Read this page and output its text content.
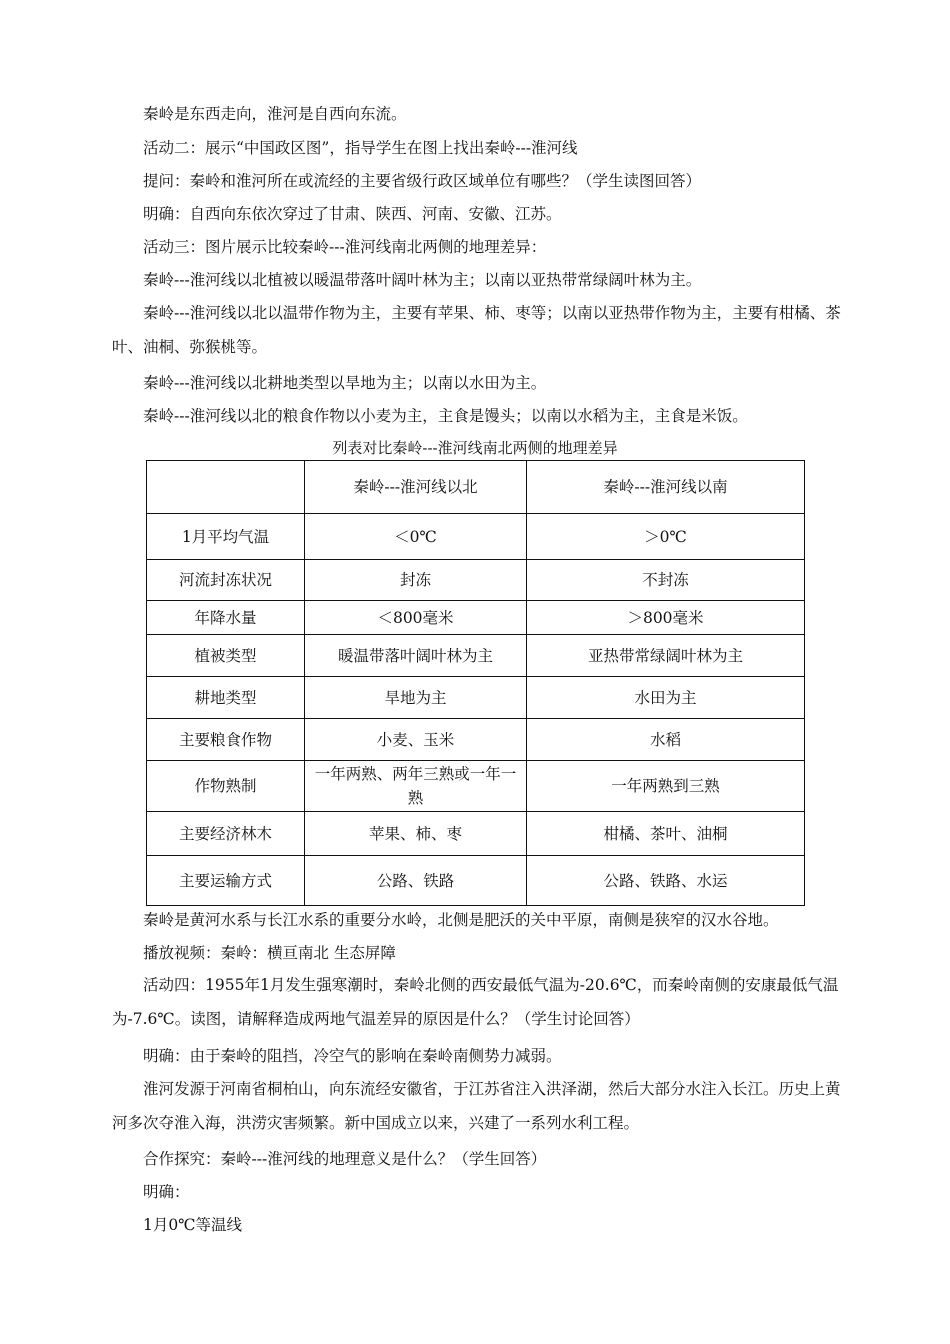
秦岭是东西走向，淮河是自西向东流。

活动二：展示“中国政区图”，指导学生在图上找出秦岭---淮河线

提问：秦岭和淮河所在或流经的主要省级行政区域单位有哪些？（学生读图回答）

明确：自西向东依次穿过了甘肃、陕西、河南、安徽、江苏。

活动三：图片展示比较秦岭---淮河线南北两侧的地理差异：

秦岭---淮河线以北植被以暖温带落叶阔叶林为主；以南以亚热带常绿阔叶林为主。

秦岭---淮河线以北以温带作物为主，主要有苹果、柿、枣等；以南以亚热带作物为主，主要有柑橘、茶叶、油桐、弥猴桃等。

秦岭---淮河线以北耕地类型以旱地为主；以南以水田为主。

秦岭---淮河线以北的粮食作物以小麦为主，主食是馒头；以南以水稻为主，主食是米饭。

列表对比秦岭---淮河线南北两侧的地理差异

	秦岭---淮河线以北	秦岭---淮河线以南
1月平均气温	＜0℃	＞0℃
河流封冻状况	封冻	不封冻
年降水量	＜800毫米	＞800毫米
植被类型	暖温带落叶阔叶林为主	亚热带常绿阔叶林为主
耕地类型	旱地为主	水田为主
主要粮食作物	小麦、玉米	水稻
作物熟制	一年两熟、两年三熟或一年一熟	一年两熟到三熟
主要经济林木	苹果、柿、枣	柑橘、茶叶、油桐
主要运输方式	公路、铁路	公路、铁路、水运

秦岭是黄河水系与长江水系的重要分水岭，北侧是肥沃的关中平原，南侧是狭窄的汉水谷地。

播放视频：秦岭：横亘南北 生态屏障

活动四：1955年1月发生强寒潮时，秦岭北侧的西安最低气温为-20.6℃，而秦岭南侧的安康最低气温为-7.6℃。读图，请解释造成两地气温差异的原因是什么？（学生讨论回答）

明确：由于秦岭的阻挡，冷空气的影响在秦岭南侧势力减弱。

淮河发源于河南省桐柏山，向东流经安徽省，于江苏省注入洪泽湖，然后大部分水注入长江。历史上黄河多次夺淮入海，洪涝灾害频繁。新中国成立以来，兴建了一系列水利工程。

合作探究：秦岭---淮河线的地理意义是什么？（学生回答）

明确：

1月0℃等温线
